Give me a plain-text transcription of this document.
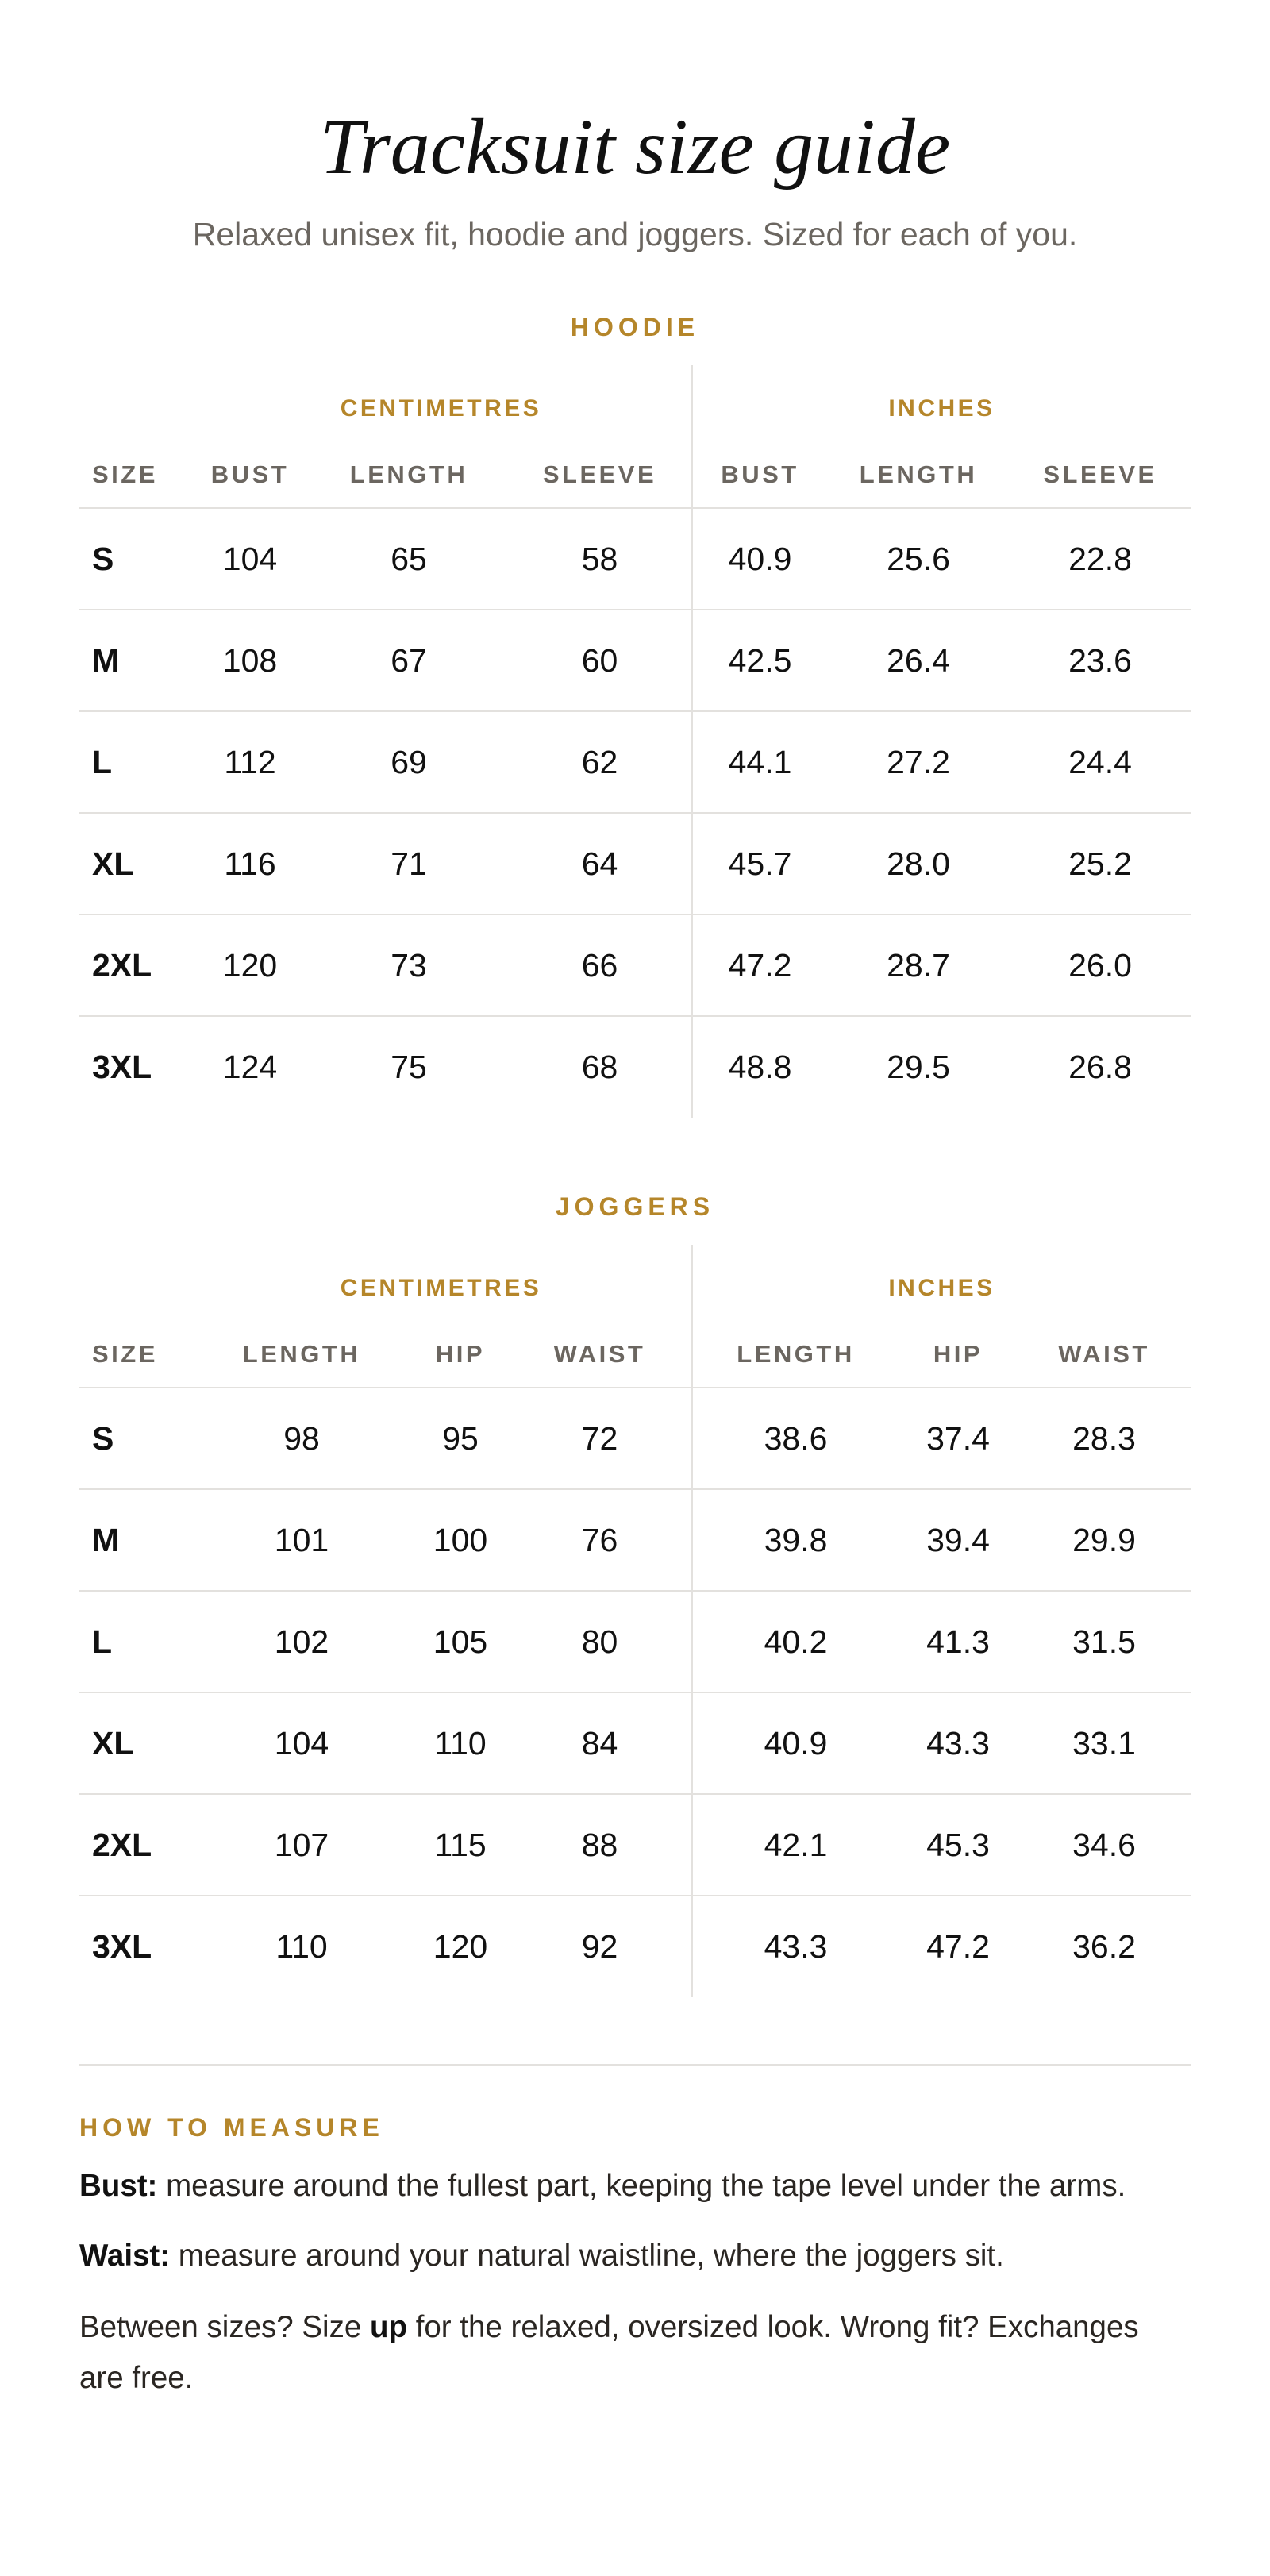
Tracksuit size guide

Relaxed unisex fit, hoodie and joggers. Sized for each of you.

HOODIE
CENTIMETRES				INCHES		
SIZE	BUST	LENGTH	SLEEVE	BUST	LENGTH	SLEEVE
S	104	65	58	40.9	25.6	22.8
M	108	67	60	42.5	26.4	23.6
L	112	69	62	44.1	27.2	24.4
XL	116	71	64	45.7	28.0	25.2
2XL	120	73	66	47.2	28.7	26.0
3XL	124	75	68	48.8	29.5	26.8
JOGGERS
CENTIMETRES				INCHES		
SIZE	LENGTH	HIP	WAIST	LENGTH	HIP	WAIST
S	98	95	72	38.6	37.4	28.3
M	101	100	76	39.8	39.4	29.9
L	102	105	80	40.2	41.3	31.5
XL	104	110	84	40.9	43.3	33.1
2XL	107	115	88	42.1	45.3	34.6
3XL	110	120	92	43.3	47.2	36.2
HOW TO MEASURE

Bust: measure around the fullest part, keeping the tape level under the arms.

Waist: measure around your natural waistline, where the joggers sit.

Between sizes? Size up for the relaxed, oversized look. Wrong fit? Exchanges are free.
